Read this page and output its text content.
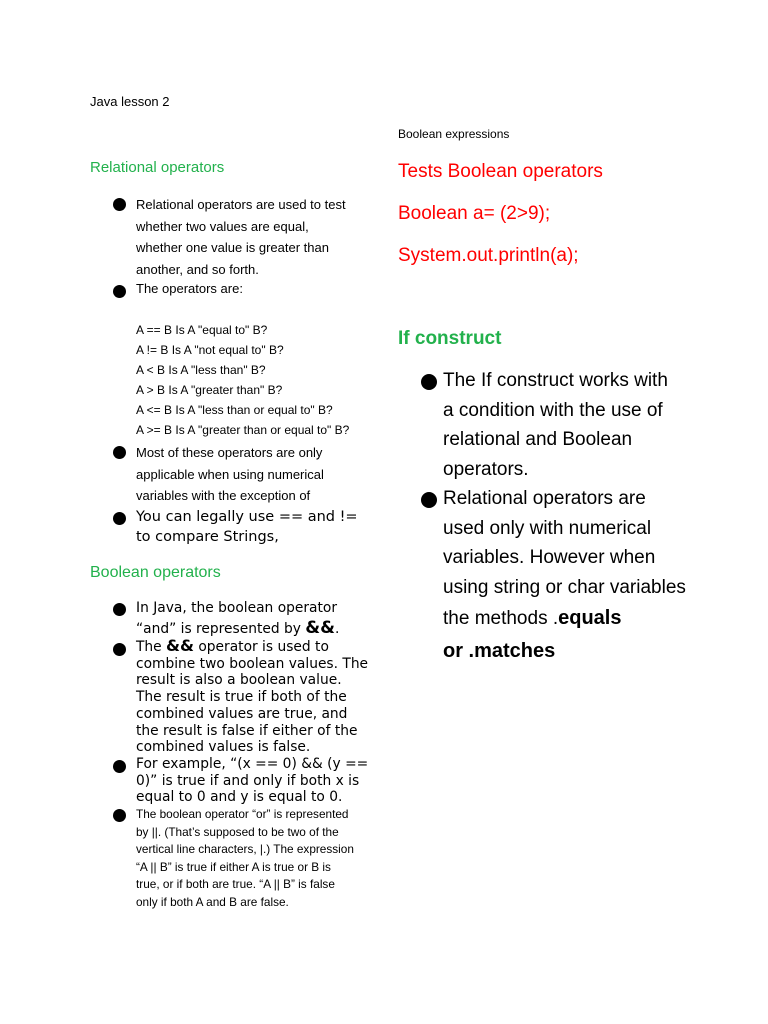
Java lesson 2
Relational operators
Relational operators are used to test
whether two values are equal,
whether one value is greater than
another, and so forth.
The operators are:
A == B Is A "equal to" B?
A != B Is A "not equal to" B?
A < B Is A "less than" B?
A > B Is A "greater than" B?
A <= B Is A "less than or equal to" B?
A >= B Is A "greater than or equal to" B?
Most of these operators are only
applicable when using numerical
variables with the exception of
You can legally use == and !=
to compare Strings,
Boolean operators
In Java, the boolean operator
“and” is represented by &&.
The && operator is used to
combine two boolean values. The
result is also a boolean value.
The result is true if both of the
combined values are true, and
the result is false if either of the
combined values is false.
For example, “(x == 0) && (y ==
0)” is true if and only if both x is
equal to 0 and y is equal to 0.
The boolean operator “or” is represented
by ||. (That’s supposed to be two of the
vertical line characters, |.) The expression
“A || B” is true if either A is true or B is
true, or if both are true. “A || B” is false
only if both A and B are false.
Boolean expressions
Tests Boolean operators
Boolean a= (2>9);
System.out.println(a);
If construct
The If construct works with
a condition with the use of
relational and Boolean
operators.
Relational operators are
used only with numerical
variables. However when
using string or char variables
the methods .equals
or .matches
